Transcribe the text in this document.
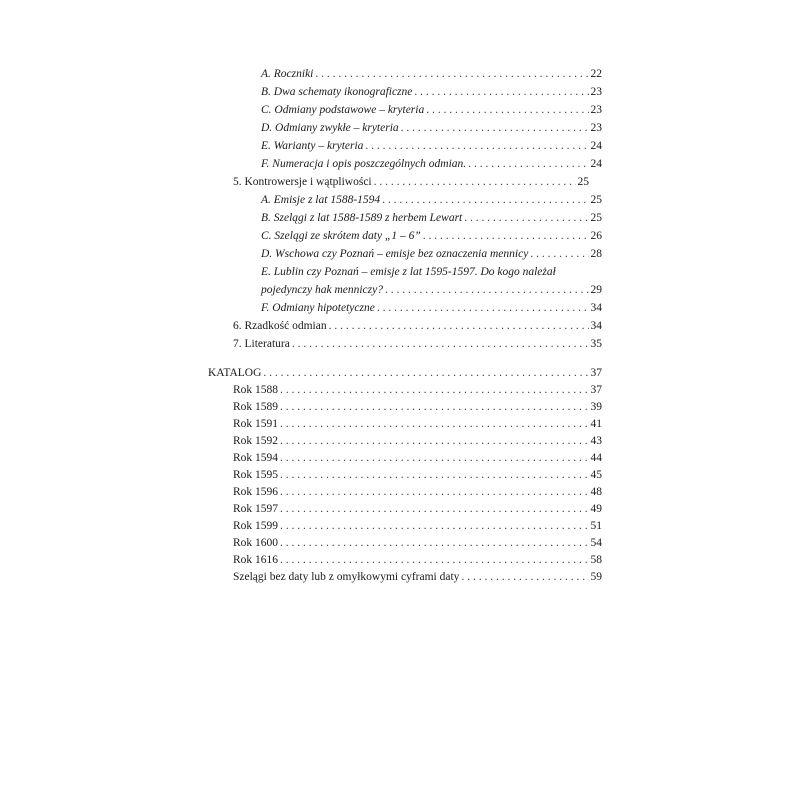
A. Roczniki . . .	22
B. Dwa schematy ikonograficzne . . .	23
C. Odmiany podstawowe – kryteria . . .	23
D. Odmiany zwykłe – kryteria . . .	23
E. Warianty – kryteria . . .	24
F. Numeracja i opis poszczególnych odmian. . . .	24
5. Kontrowersje i wątpliwości . . .	25
A. Emisje z lat 1588-1594 . . .	25
B. Szelągi z lat 1588-1589 z herbem Lewart . . .	25
C. Szelągi ze skrótem daty „1 – 6” . . .	26
D. Wschowa czy Poznań – emisje bez oznaczenia mennicy . . .	28
E. Lublin czy Poznań – emisje z lat 1595-1597. Do kogo należał
pojedynczy hak menniczy? . . .	29
F. Odmiany hipotetyczne . . .	34
6. Rzadkość odmian . . .	34
7. Literatura . . .	35
KATALOG . . .	37
Rok 1588 . . .	37
Rok 1589 . . .	39
Rok 1591 . . .	41
Rok 1592 . . .	43
Rok 1594 . . .	44
Rok 1595 . . .	45
Rok 1596 . . .	48
Rok 1597 . . .	49
Rok 1599 . . .	51
Rok 1600 . . .	54
Rok 1616 . . .	58
Szelągi bez daty lub z omyłkowymi cyframi daty . . .	59
